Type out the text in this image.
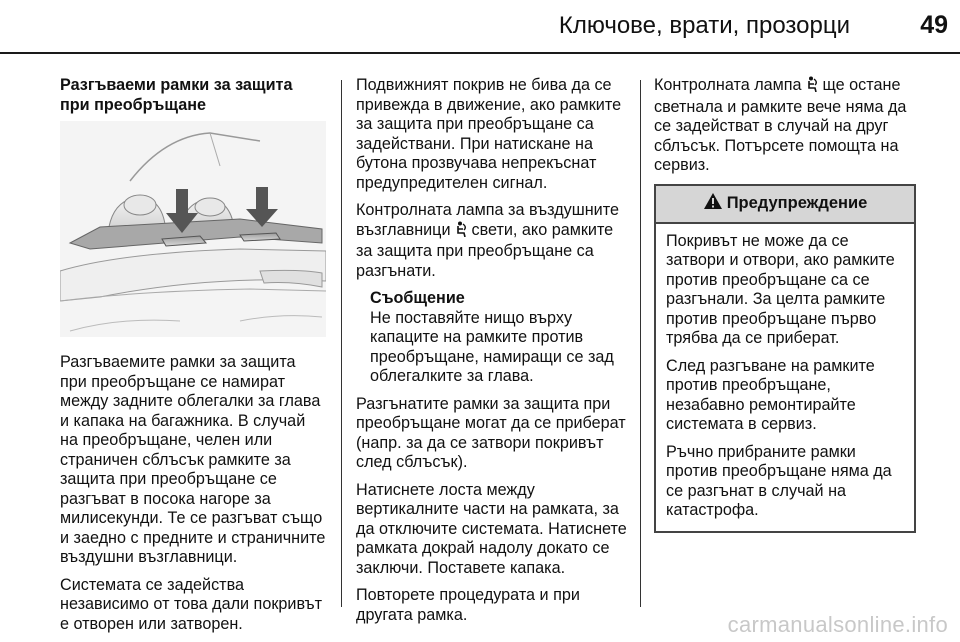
Ключове, врати, прозорци	49
Разгъваеми рамки за защита при преобръщане

Разгъваемите рамки за защита при преобръщане се намират между задните облегалки за глава и капака на багажника. В случай на преобръщане, челен или страничен сблъсък рамките за защита при преобръщане се разгъват в посока нагоре за милисекунди. Те се разгъват също и заедно с предните и страничните въздушни възглавници.

Системата се задейства независимо от това дали покривът е отворен или затворен.

Подвижният покрив не бива да се привежда в движение, ако рамките за защита при преобръщане са задействани. При натискане на бутона прозвучава непрекъснат предупредителен сигнал.

Контролната лампа за въздушните възглавници  свети, ако рамките за защита при преобръщане са разгънати.

Съобщение
Не поставяйте нищо върху капаците на рамките против преобръщане, намиращи се зад облегалките за глава.

Разгънатите рамки за защита при преобръщане могат да се приберат (напр. за да се затвори покривът след сблъсък).

Натиснете лоста между вертикалните части на рамката, за да отключите системата. Натиснете рамката докрай надолу докато се заключи. Поставете капака.

Повторете процедурата и при другата рамка.

Контролната лампа  ще остане светнала и рамките вече няма да се задействат в случай на друг сблъсък. Потърсете помощта на сервиз.

Предупреждение

Покривът не може да се затвори и отвори, ако рамките против преобръщане са се разгънали. За целта рамките против преобръщане първо трябва да се приберат.

След разгъване на рамките против преобръщане, незабавно ремонтирайте системата в сервиз.

Ръчно прибраните рамки против преобръщане няма да се разгънат в случай на катастрофа.

carmanualsonline.info
